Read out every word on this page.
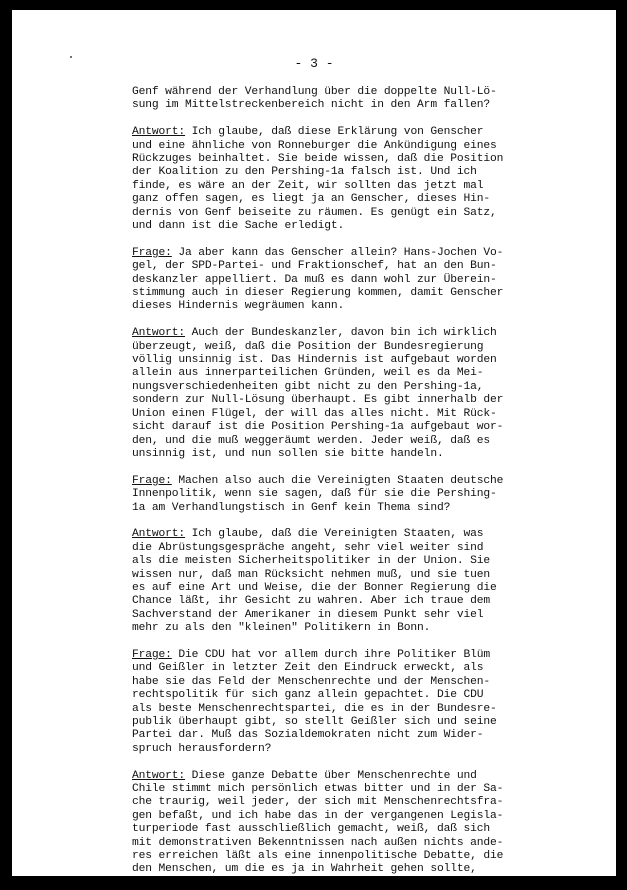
- 3 -
Genf während der Verhandlung über die doppelte Null-Lö-
sung im Mittelstreckenbereich nicht in den Arm fallen?
Antwort: Ich glaube, daß diese Erklärung von Genscher
und eine ähnliche von Ronneburger die Ankündigung eines
Rückzuges beinhaltet. Sie beide wissen, daß die Position
der Koalition zu den Pershing-1a falsch ist. Und ich
finde, es wäre an der Zeit, wir sollten das jetzt mal
ganz offen sagen, es liegt ja an Genscher, dieses Hin-
dernis von Genf beiseite zu räumen. Es genügt ein Satz,
und dann ist die Sache erledigt.
Frage: Ja aber kann das Genscher allein? Hans-Jochen Vo-
gel, der SPD-Partei- und Fraktionschef, hat an den Bun-
deskanzler appelliert. Da muß es dann wohl zur Überein-
stimmung auch in dieser Regierung kommen, damit Genscher
dieses Hindernis wegräumen kann.
Antwort: Auch der Bundeskanzler, davon bin ich wirklich
überzeugt, weiß, daß die Position der Bundesregierung
völlig unsinnig ist. Das Hindernis ist aufgebaut worden
allein aus innerparteilichen Gründen, weil es da Mei-
nungsverschiedenheiten gibt nicht zu den Pershing-1a,
sondern zur Null-Lösung überhaupt. Es gibt innerhalb der
Union einen Flügel, der will das alles nicht. Mit Rück-
sicht darauf ist die Position Pershing-1a aufgebaut wor-
den, und die muß weggeräumt werden. Jeder weiß, daß es
unsinnig ist, und nun sollen sie bitte handeln.
Frage: Machen also auch die Vereinigten Staaten deutsche
Innenpolitik, wenn sie sagen, daß für sie die Pershing-
1a am Verhandlungstisch in Genf kein Thema sind?
Antwort: Ich glaube, daß die Vereinigten Staaten, was
die Abrüstungsgespräche angeht, sehr viel weiter sind
als die meisten Sicherheitspolitiker in der Union. Sie
wissen nur, daß man Rücksicht nehmen muß, und sie tuen
es auf eine Art und Weise, die der Bonner Regierung die
Chance läßt, ihr Gesicht zu wahren. Aber ich traue dem
Sachverstand der Amerikaner in diesem Punkt sehr viel
mehr zu als den "kleinen" Politikern in Bonn.
Frage: Die CDU hat vor allem durch ihre Politiker Blüm
und Geißler in letzter Zeit den Eindruck erweckt, als
habe sie das Feld der Menschenrechte und der Menschen-
rechtspolitik für sich ganz allein gepachtet. Die CDU
als beste Menschenrechtspartei, die es in der Bundesre-
publik überhaupt gibt, so stellt Geißler sich und seine
Partei dar. Muß das Sozialdemokraten nicht zum Wider-
spruch herausfordern?
Antwort: Diese ganze Debatte über Menschenrechte und
Chile stimmt mich persönlich etwas bitter und in der Sa-
che traurig, weil jeder, der sich mit Menschenrechtsfra-
gen befaßt, und ich habe das in der vergangenen Legisla-
turperiode fast ausschließlich gemacht, weiß, daß sich
mit demonstrativen Bekenntnissen nach außen nichts ande-
res erreichen läßt als eine innenpolitische Debatte, die
den Menschen, um die es ja in Wahrheit gehen sollte,
